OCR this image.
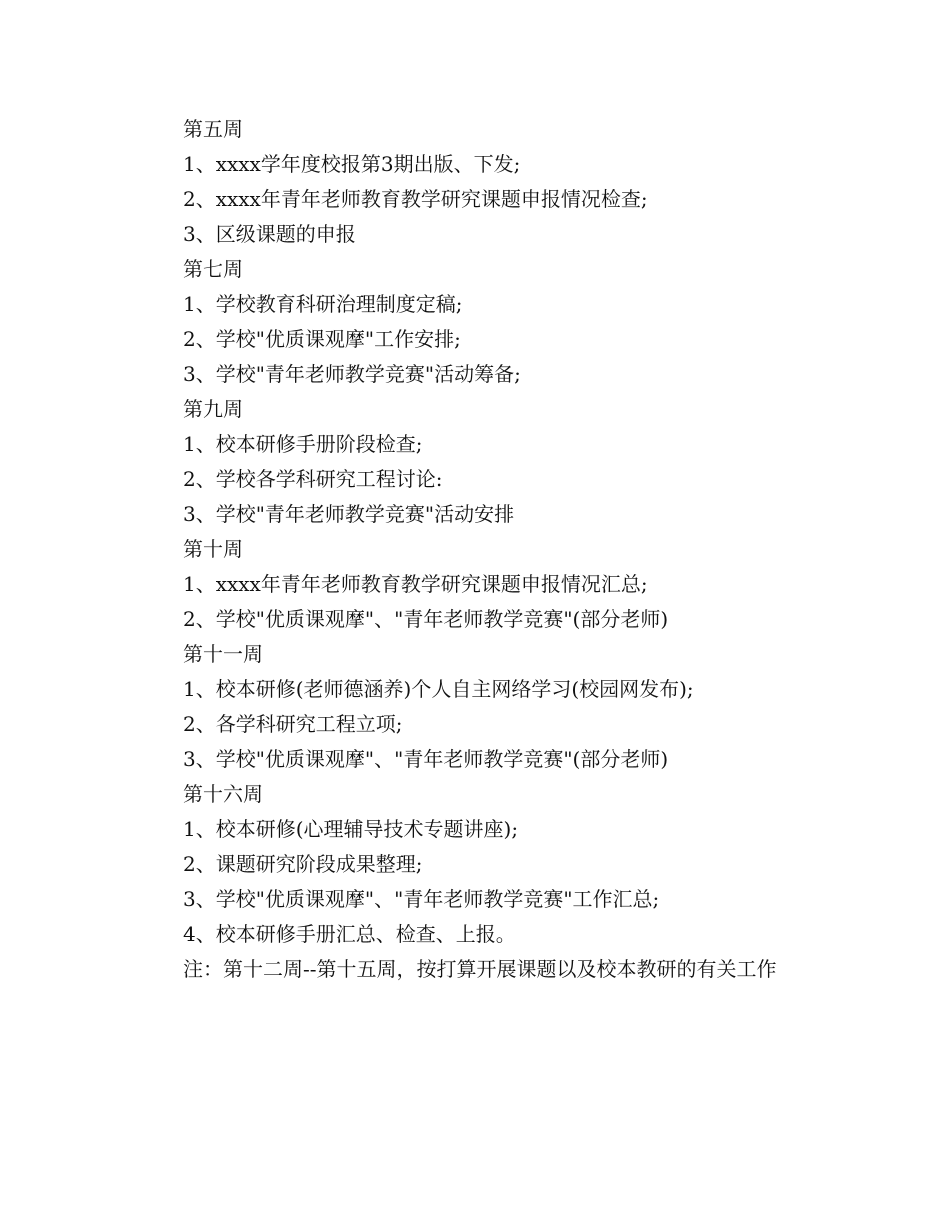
第五周

1、xxxx学年度校报第3期出版、下发;

2、xxxx年青年老师教育教学研究课题申报情况检查;

3、区级课题的申报

第七周

1、学校教育科研治理制度定稿;

2、学校"优质课观摩"工作安排;

3、学校"青年老师教学竞赛"活动筹备;

第九周

1、校本研修手册阶段检查;

2、学校各学科研究工程讨论:

3、学校"青年老师教学竞赛"活动安排

第十周

1、xxxx年青年老师教育教学研究课题申报情况汇总;

2、学校"优质课观摩"、"青年老师教学竞赛"(部分老师)

第十一周

1、校本研修(老师德涵养)个人自主网络学习(校园网发布);

2、各学科研究工程立项;

3、学校"优质课观摩"、"青年老师教学竞赛"(部分老师)

第十六周

1、校本研修(心理辅导技术专题讲座);

2、课题研究阶段成果整理;

3、学校"优质课观摩"、"青年老师教学竞赛"工作汇总;

4、校本研修手册汇总、检查、上报。

注：第十二周--第十五周，按打算开展课题以及校本教研的有关工作
